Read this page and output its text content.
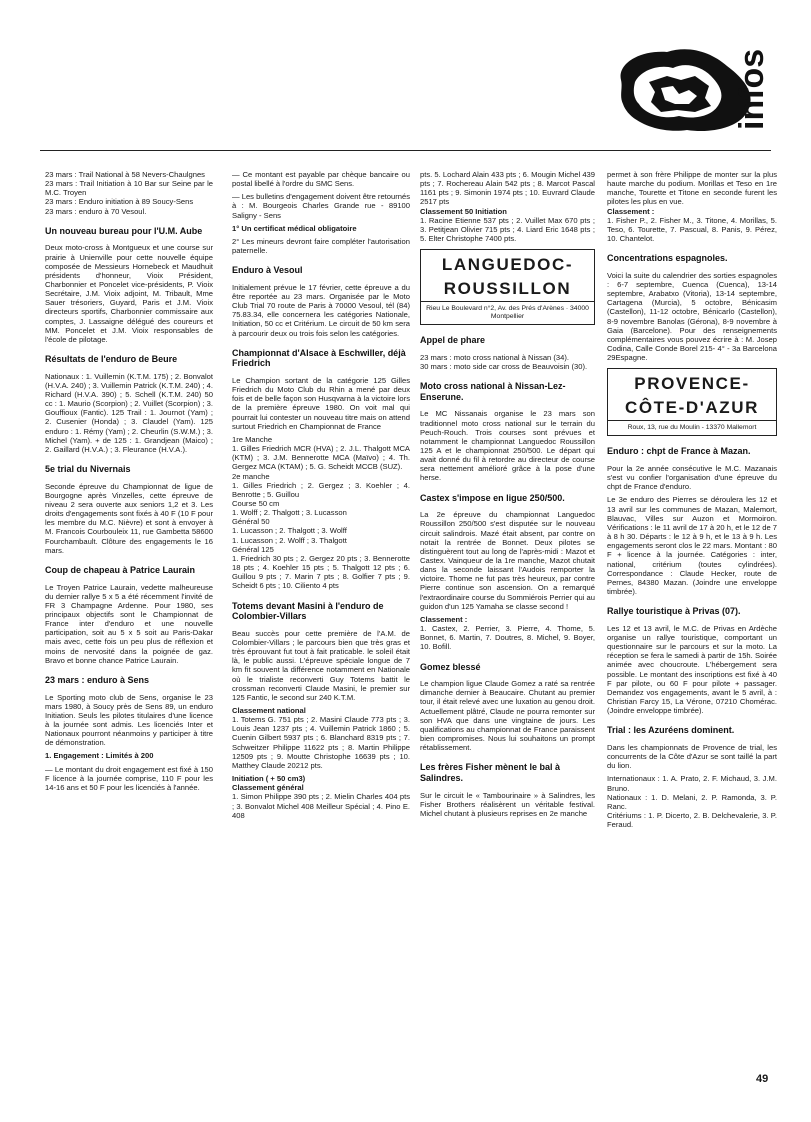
infos

23 mars : Trail National à 58 Nevers-Chaulgnes
23 mars : Trail Initiation à 10 Bar sur Seine par le M.C. Troyen
23 mars : Enduro initiation à 89 Soucy-Sens
23 mars : enduro à 70 Vesoul.

Un nouveau bureau pour l'U.M. Aube

Deux moto-cross à Montgueux et une course sur prairie à Unienville pour cette nouvelle équipe composée de Messieurs Hornebeck et Maudhuit présidents d'honneur, Vioix Président, Charbonnier et Poncelet vice-présidents, P. Vioix Secrétaire, J.M. Vioix adjoint, M. Tribault, Mme Sauer trésoriers, Guyard, Paris et J.M. Vioix directeurs sportifs, Charbonnier commissaire aux comptes, J. Lassaigne délégué des coureurs et MM. Poncelet et J.M. Vioix responsables de l'école de pilotage.

Résultats de l'enduro de Beure

Nationaux : 1. Vuillemin (K.T.M. 175) ; 2. Bonvalot (H.V.A. 240) ; 3. Vuillemin Patrick (K.T.M. 240) ; 4. Richard (H.V.A. 390) ; 5. Schell (K.T.M. 240) 50 cc : 1. Maurio (Scorpion) ; 2. Vuillet (Scorpion) ; 3. Gouffioux (Fantic). 125 Trail : 1. Journot (Yam) ; 2. Cusenier (Honda) ; 3. Claudel (Yam). 125 enduro : 1. Rémy (Yam) ; 2. Cheurlin (S.W.M.) ; 3. Michel (Yam). + de 125 : 1. Grandjean (Maico) ; 2. Gaillard (H.V.A.) ; 3. Fleurance (H.V.A.).

5e trial du Nivernais

Seconde épreuve du Championnat de ligue de Bourgogne après Vinzelles, cette épreuve de niveau 2 sera ouverte aux seniors 1,2 et 3. Les droits d'engagements sont fixés à 40 F (10 F pour les membre du M.C. Nièvre) et sont à envoyer à M. Francois Courbouleix 11, rue Gambetta 58600 Fourchambault. Clôture des engagements le 16 mars.

Coup de chapeau à Patrice Laurain

Le Troyen Patrice Laurain, vedette malheureuse du dernier rallye 5 x 5 a été récemment l'invité de FR 3 Champagne Ardenne. Pour 1980, ses principaux objectifs sont le Championnat de France inter d'enduro et une nouvelle participation, soit au 5 x 5 soit au Paris-Dakar mais avec, cette fois un peu plus de réflexion et moins de nervosité dans la poignée de gaz. Bravo et bonne chance Patrice Laurain.

23 mars : enduro à Sens

Le Sporting moto club de Sens, organise le 23 mars 1980, à Soucy près de Sens 89, un enduro Initiation. Seuls les pilotes titulaires d'une licence à la journée sont admis. Les licenciés Inter et Nationaux pourront néanmoins y participer à titre de démonstration.

1. Engagement : Limités à 200

— Le montant du droit engagement est fixé à 150 F licence à la journée comprise, 110 F pour les 14-16 ans et 50 F pour les licenciés à l'année.

— Ce montant est payable par chèque bancaire ou postal libellé à l'ordre du SMC Sens.

— Les bulletins d'engagement doivent être retournés à : M. Bourgeois Charles Grande rue - 89100 Saligny - Sens

1° Un certificat médical obligatoire

2° Les mineurs devront faire compléter l'autorisation paternelle.

Enduro à Vesoul

Initialement prévue le 17 février, cette épreuve a du être reportée au 23 mars. Organisée par le Moto Club Trial 70 route de Paris à 70000 Vesoul, tél (84) 75.83.34, elle concernera les catégories Nationale, Initiation, 50 cc et Critérium. Le circuit de 50 km sera à parcourir deux ou trois fois selon les catégories.

Championnat d'Alsace à Eschwiller, déjà Friedrich

Le Champion sortant de la catégorie 125 Gilles Friedrich du Moto Club du Rhin a mené par deux fois et de belle façon son Husqvarna à la victoire lors de la première épreuve 1980. On voit mal qui pourrait lui contester un nouveau titre mais on attend surtout Friedrich en Championnat de France

1re Manche
1. Gilles Friedrich MCR (HVA) ; 2. J.L. Thalgott MCA (KTM) ; 3. J.M. Bennerotte MCA (Maïvo) ; 4. Th. Gergez MCA (KTAM) ; 5. G. Scheidt MCCB (SUZ).
2e manche
1. Gilles Friedrich ; 2. Gergez ; 3. Koehler ; 4. Benrotte ; 5. Guillou
Course 50 cm
1. Wolff ; 2. Thalgott ; 3. Lucasson
Général 50
1. Lucasson ; 2. Thalgott ; 3. Wolff
1. Lucasson ; 2. Wolff ; 3. Thalgott
Général 125
1. Friedrich 30 pts ; 2. Gergez 20 pts ; 3. Bennerotte 18 pts ; 4. Koehler 15 pts ; 5. Thalgott 12 pts ; 6. Guillou 9 pts ; 7. Marin 7 pts ; 8. Golfier 7 pts ; 9. Scheidt 6 pts ; 10. Ciliento 4 pts

Totems devant Masini à l'enduro de Colombier-Villars

Beau succès pour cette première de l'A.M. de Colombier-Villars ; le parcours bien que très gras et très éprouvant fut tout à fait praticable. le soleil était là, le public aussi. L'épreuve spéciale longue de 7 km fit souvent la différence notamment en Nationale où le trialiste reconverti Guy Totems battit le crossman reconverti Claude Masini, le premier sur 125 Fantic, le second sur 240 K.T.M.

Classement national

1. Totems G. 751 pts ; 2. Masini Claude 773 pts ; 3. Louis Jean 1237 pts ; 4. Vuillemin Patrick 1860 ; 5. Cuenin Gilbert 5937 pts ; 6. Blanchard 8319 pts ; 7. Schweitzer Philippe 11622 pts ; 8. Martin Philippe 12509 pts ; 9. Moutte Christophe 16639 pts ; 10. Matthey Claude 20212 pts.

Initiation ( + 50 cm3)

Classement général

1. Simon Philippe 390 pts ; 2. Mielin Charles 404 pts ; 3. Bonvalot Michel 408 Meilleur Spécial ; 4. Pino E. 408

pts. 5. Lochard Alain 433 pts ; 6. Mougin Michel 439 pts ; 7. Rochereau Alain 542 pts ; 8. Marcot Pascal 1161 pts ; 9. Simonin 1974 pts ; 10. Euvrard Claude 2517 pts

Classement 50 Initiation

1. Racine Etienne 537 pts ; 2. Vuillet Max 670 pts ; 3. Petitjean Olivier 715 pts ; 4. Liard Eric 1648 pts ; 5. Elter Christophe 7400 pts.

LANGUEDOC-
ROUSSILLON
Rieu Le Boulevard n°2, Av. des Prés d'Arènes · 34000 Montpellier
Appel de phare

23 mars : moto cross national à Nissan (34).
30 mars : moto side car cross de Beauvoisin (30).

Moto cross national à Nissan-Lez-Enserune.

Le MC Nissanais organise le 23 mars son traditionnel moto cross national sur le terrain du Peuch-Rouch. Trois courses sont prévues et notamment le championnat Languedoc Roussillon 125 A et le championnat 250/500. Le départ qui avait donné du fil à retordre au directeur de course sera nettement amélioré grâce à la pose d'une herse.

Castex s'impose en ligue 250/500.

La 2e épreuve du championnat Languedoc Roussillon 250/500 s'est disputée sur le nouveau circuit salindrois. Mazé était absent, par contre on notait la rentrée de Bonnet. Deux pilotes se distinguèrent tout au long de l'après-midi : Mazot et Castex. Vainqueur de la 1re manche, Mazot chutait dans la seconde laissant l'Audois remporter la victoire. Thome ne fut pas très heureux, par contre Pierre continue son ascension. On a remarqué l'extraordinaire course du Sommiérois Perrier qui au guidon d'un 125 Yamaha se classe second !

Classement :

1. Castex, 2. Perrier, 3. Pierre, 4. Thome, 5. Bonnet, 6. Martin, 7. Doutres, 8. Michel, 9. Boyer, 10. Bofill.

Gomez blessé

Le champion ligue Claude Gomez a raté sa rentrée dimanche dernier à Beaucaire. Chutant au premier tour, il était relevé avec une luxation au genou droit. Actuellement plâtré, Claude ne pourra remonter sur son HVA que dans une vingtaine de jours. Les qualifications au championnat de France paraissent bien compromises. Nous lui souhaitons un prompt rétablissement.

Les frères Fisher mènent le bal à Salindres.

Sur le circuit le « Tambourinaire » à Salindres, les Fisher Brothers réalisèrent un véritable festival. Michel chutant à plusieurs reprises en 2e manche

permet à son frère Philippe de monter sur la plus haute marche du podium. Morillas et Teso en 1re manche, Tourette et Titone en seconde furent les pilotes les plus en vue.

Classement :

1. Fisher P., 2. Fisher M., 3. Titone, 4. Morillas, 5. Teso, 6. Tourette, 7. Pascual, 8. Panis, 9. Pérez, 10. Chantelot.

Concentrations espagnoles.

Voici la suite du calendrier des sorties espagnoles : 6-7 septembre, Cuenca (Cuenca), 13-14 septembre, Arabatxo (Vitoria), 13-14 septembre, Cartagena (Murcia), 5 octobre, Bénicasim (Castellon), 11-12 octobre, Bénicarlo (Castellon), 8-9 novembre Banolas (Gérona), 8-9 novembre à Gaia (Barcelone). Pour des renseignements complémentaires vous pouvez écrire à : M. Josep Codina, Calle Conde Borel 215- 4° - 3a Barcelona 29Espagne.

PROVENCE-
CÔTE-D'AZUR
Roux, 13, rue du Moulin - 13370 Mallemort
Enduro : chpt de France à Mazan.

Pour la 2e année consécutive le M.C. Mazanais s'est vu confier l'organisation d'une épreuve du chpt de France d'enduro.

Le 3e enduro des Pierres se déroulera les 12 et 13 avril sur les communes de Mazan, Malemort, Blauvac, Villes sur Auzon et Mormoiron. Vérifications : le 11 avril de 17 à 20 h, et le 12 de 7 à 8 h 30. Départs : le 12 à 9 h, et le 13 à 9 h. Les engagements seront clos le 22 mars. Montant : 80 F + licence à la journée. Catégories : inter, national, critérium (toutes cylindrées). Correspondance : Claude Hecker, route de Pernes, 84380 Mazan. (Joindre une enveloppe timbrée).

Rallye touristique à Privas (07).

Les 12 et 13 avril, le M.C. de Privas en Ardèche organise un rallye touristique, comportant un questionnaire sur le parcours et sur la moto. La réception se fera le samedi à partir de 15h. Soirée animée avec choucroute. L'hébergement sera possible. Le montant des inscriptions est fixé à 40 F par pilote, ou 60 F pour pilote + passager. Demandez vos engagements, avant le 5 avril, à : Christian Farcy 15, La Vérone, 07210 Chomérac. (Joindre enveloppe timbrée).

Trial : les Azuréens dominent.

Dans les championnats de Provence de trial, les concurrents de la Côte d'Azur se sont taillé la part du lion.

Internationaux : 1. A. Prato, 2. F. Michaud, 3. J.M. Bruno.
Nationaux : 1. D. Melani, 2. P. Ramonda, 3. P. Ranc.
Critériums : 1. P. Dicerto, 2. B. Delchevalerie, 3. P. Feraud.

49
